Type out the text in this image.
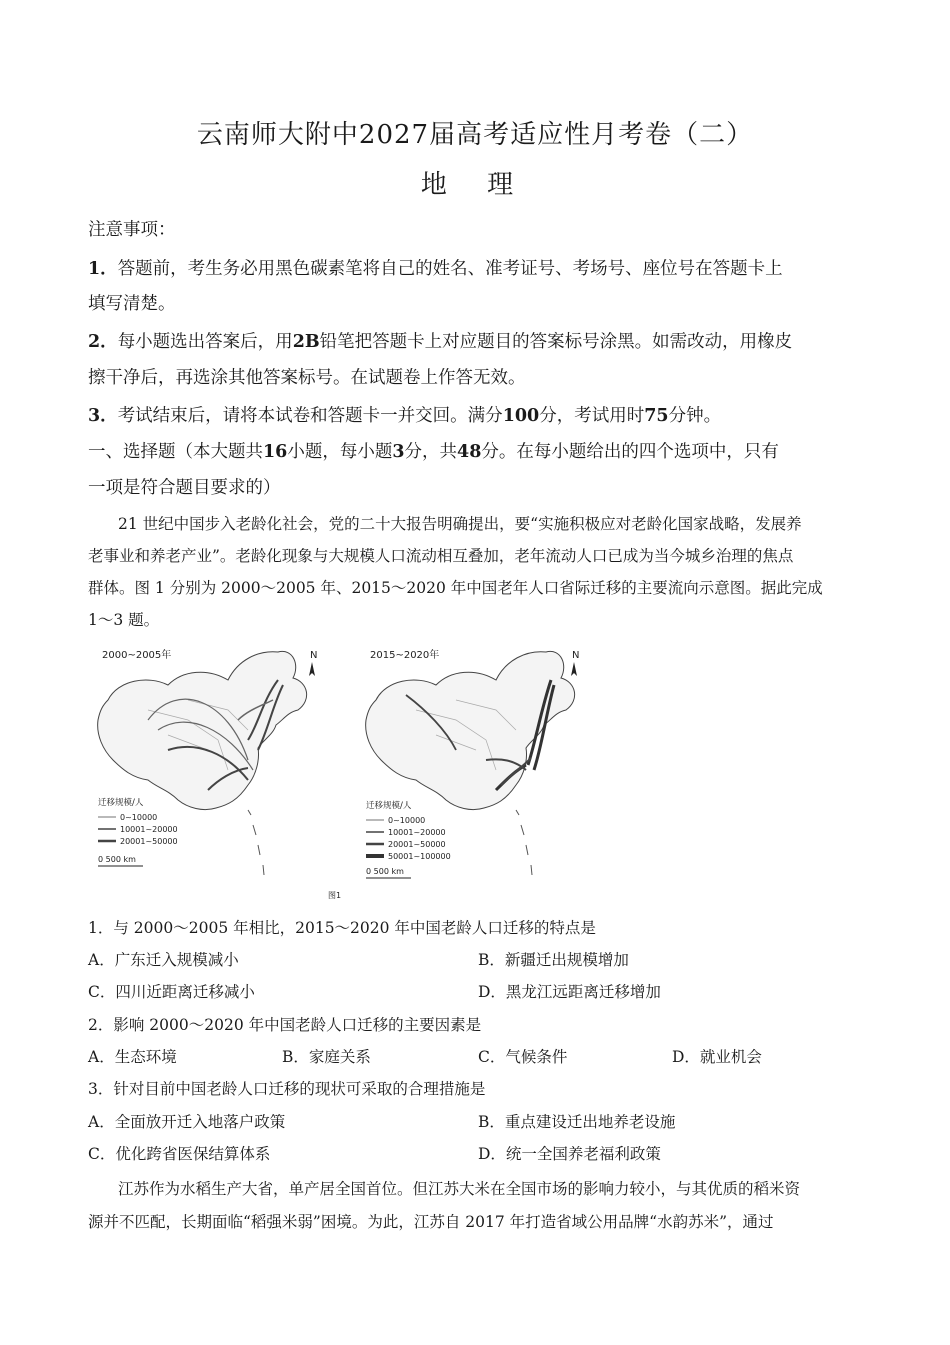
云南师大附中2027届高考适应性月考卷（二）
地 理
注意事项：
1．答题前，考生务必用黑色碳素笔将自己的姓名、准考证号、考场号、座位号在答题卡上
填写清楚。
2．每小题选出答案后，用2B铅笔把答题卡上对应题目的答案标号涂黑。如需改动，用橡皮
擦干净后，再选涂其他答案标号。在试题卷上作答无效。
3．考试结束后，请将本试卷和答题卡一并交回。满分100分，考试用时75分钟。
一、选择题（本大题共16小题，每小题3分，共48分。在每小题给出的四个选项中，只有
一项是符合题目要求的）
21 世纪中国步入老龄化社会，党的二十大报告明确提出，要“实施积极应对老龄化国家战略，发展养
老事业和养老产业”。老龄化现象与大规模人口流动相互叠加，老年流动人口已成为当今城乡治理的焦点
群体。图 1 分别为 2000～2005 年、2015～2020 年中国老年人口省际迁移的主要流向示意图。据此完成
1～3 题。
2000~2005年	N
迁移规模/人
0~10000
10001~20000
20001~50000
0 500 km
2015~2020年	N
迁移规模/人
0~10000
10001~20000
20001~50000
50001~100000
0 500 km
图1
1．与 2000～2005 年相比，2015～2020 年中国老龄人口迁移的特点是
A．广东迁入规模减小	B．新疆迁出规模增加
C．四川近距离迁移减小	D．黑龙江远距离迁移增加
2．影响 2000～2020 年中国老龄人口迁移的主要因素是
A．生态环境	B．家庭关系	C．气候条件	D．就业机会
3．针对目前中国老龄人口迁移的现状可采取的合理措施是
A．全面放开迁入地落户政策	B．重点建设迁出地养老设施
C．优化跨省医保结算体系	D．统一全国养老福利政策
江苏作为水稻生产大省，单产居全国首位。但江苏大米在全国市场的影响力较小，与其优质的稻米资
源并不匹配，长期面临“稻强米弱”困境。为此，江苏自 2017 年打造省域公用品牌“水韵苏米”，通过
